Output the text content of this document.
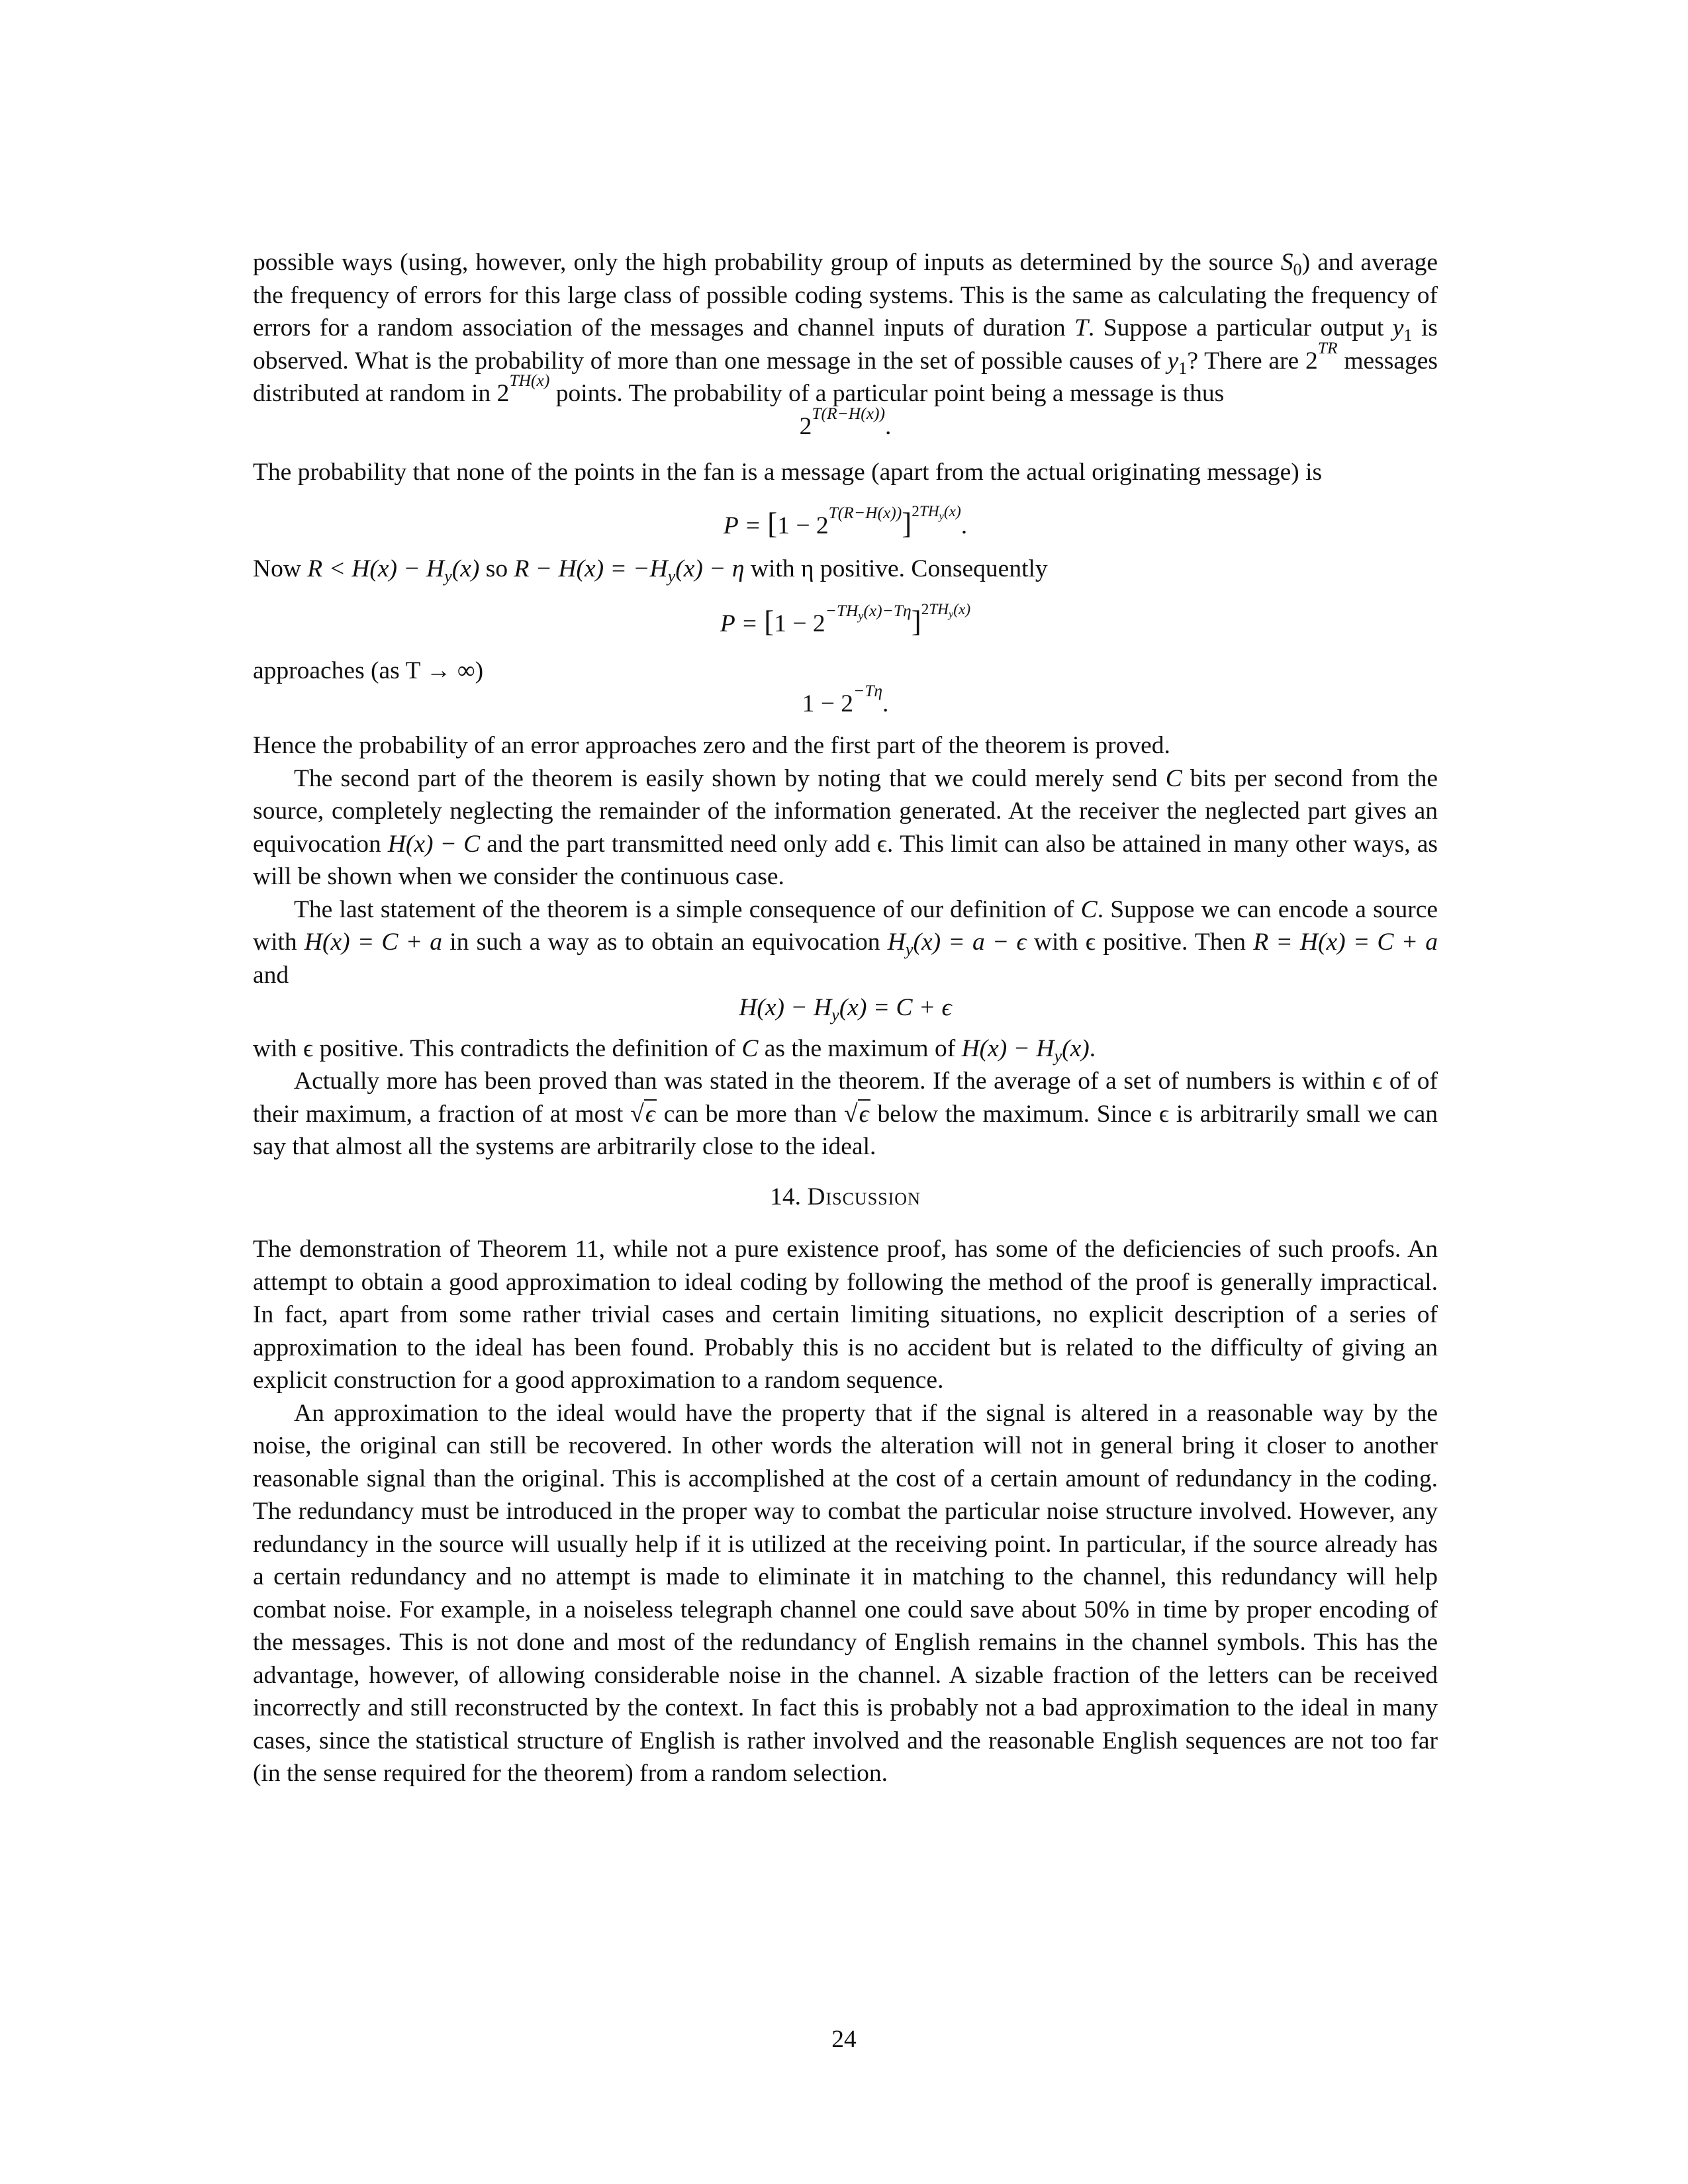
possible ways (using, however, only the high probability group of inputs as determined by the source $S_0$) and average the frequency of errors for this large class of possible coding systems. This is the same as calculating the frequency of errors for a random association of the messages and channel inputs of duration T. Suppose a particular output $y_1$ is observed. What is the probability of more than one message in the set of possible causes of $y_1$? There are $2^{TR}$ messages distributed at random in $2^{TH(x)}$ points. The probability of a particular point being a message is thus

$2^{T(R-H(x))}$.

The probability that none of the points in the fan is a message (apart from the actual originating message) is

$P = [1 - 2^{T(R-H(x))}]^{2TH_y(x)}$.

Now $R < H(x) - H_y(x)$ so $R - H(x) = -H_y(x) - \eta$ with η positive. Consequently

$P = [1 - 2^{-TH_y(x)-T\eta}]^{2TH_y(x)}$

approaches (as T → ∞)

$1 - 2^{-T\eta}$.

Hence the probability of an error approaches zero and the first part of the theorem is proved.

The second part of the theorem is easily shown by noting that we could merely send C bits per second from the source, completely neglecting the remainder of the information generated. At the receiver the neglected part gives an equivocation H(x) − C and the part transmitted need only add ϵ. This limit can also be attained in many other ways, as will be shown when we consider the continuous case.

The last statement of the theorem is a simple consequence of our definition of C. Suppose we can encode a source with H(x) = C + a in such a way as to obtain an equivocation $H_y(x) = a - \epsilon$ with ϵ positive. Then R = H(x) = C + a and

$H(x) - H_y(x) = C + \epsilon$

with ϵ positive. This contradicts the definition of C as the maximum of $H(x) - H_y(x)$.

Actually more has been proved than was stated in the theorem. If the average of a set of numbers is within ϵ of of their maximum, a fraction of at most √ϵ can be more than √ϵ below the maximum. Since ϵ is arbitrarily small we can say that almost all the systems are arbitrarily close to the ideal.

14. Discussion

The demonstration of Theorem 11, while not a pure existence proof, has some of the deficiencies of such proofs. An attempt to obtain a good approximation to ideal coding by following the method of the proof is generally impractical. In fact, apart from some rather trivial cases and certain limiting situations, no explicit description of a series of approximation to the ideal has been found. Probably this is no accident but is related to the difficulty of giving an explicit construction for a good approximation to a random sequence.

An approximation to the ideal would have the property that if the signal is altered in a reasonable way by the noise, the original can still be recovered. In other words the alteration will not in general bring it closer to another reasonable signal than the original. This is accomplished at the cost of a certain amount of redundancy in the coding. The redundancy must be introduced in the proper way to combat the particular noise structure involved. However, any redundancy in the source will usually help if it is utilized at the receiving point. In particular, if the source already has a certain redundancy and no attempt is made to eliminate it in matching to the channel, this redundancy will help combat noise. For example, in a noiseless telegraph channel one could save about 50% in time by proper encoding of the messages. This is not done and most of the redundancy of English remains in the channel symbols. This has the advantage, however, of allowing considerable noise in the channel. A sizable fraction of the letters can be received incorrectly and still reconstructed by the context. In fact this is probably not a bad approximation to the ideal in many cases, since the statistical structure of English is rather involved and the reasonable English sequences are not too far (in the sense required for the theorem) from a random selection.

24
